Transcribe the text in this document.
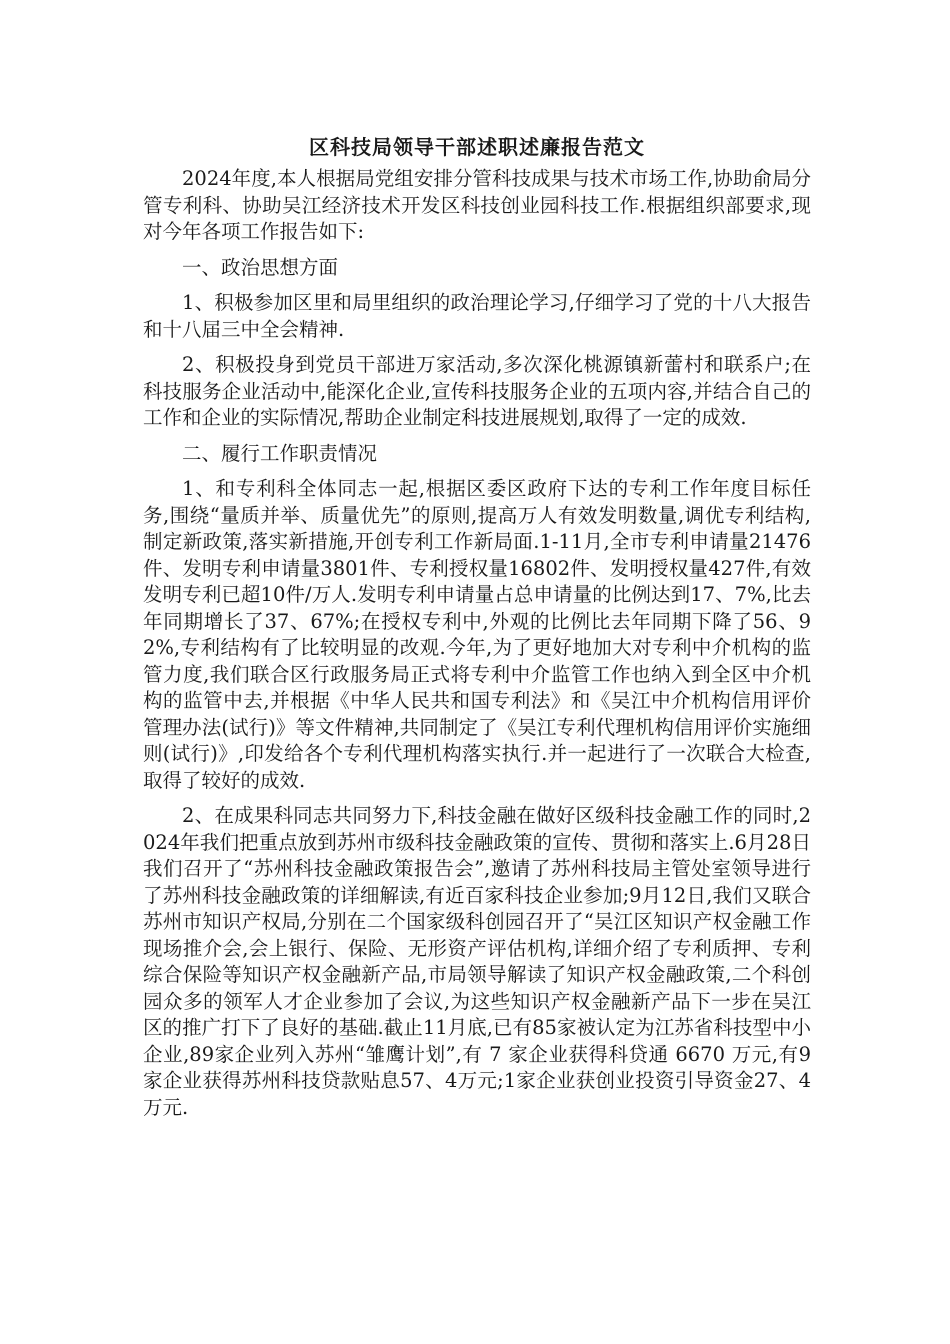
区科技局领导干部述职述廉报告范文

2024年度,本人根据局党组安排分管科技成果与技术市场工作,协助俞局分管专利科、协助吴江经济技术开发区科技创业园科技工作.根据组织部要求,现对今年各项工作报告如下:

一、政治思想方面

1、积极参加区里和局里组织的政治理论学习,仔细学习了党的十八大报告和十八届三中全会精神.

2、积极投身到党员干部进万家活动,多次深化桃源镇新蕾村和联系户;在科技服务企业活动中,能深化企业,宣传科技服务企业的五项内容,并结合自己的工作和企业的实际情况,帮助企业制定科技进展规划,取得了一定的成效.

二、履行工作职责情况

1、和专利科全体同志一起,根据区委区政府下达的专利工作年度目标任务,围绕“量质并举、质量优先”的原则,提高万人有效发明数量,调优专利结构,制定新政策,落实新措施,开创专利工作新局面.1-11月,全市专利申请量21476件、发明专利申请量3801件、专利授权量16802件、发明授权量427件,有效发明专利已超10件/万人.发明专利申请量占总申请量的比例达到17、7%,比去年同期增长了37、67%;在授权专利中,外观的比例比去年同期下降了56、92%,专利结构有了比较明显的改观.今年,为了更好地加大对专利中介机构的监管力度,我们联合区行政服务局正式将专利中介监管工作也纳入到全区中介机构的监管中去,并根据《中华人民共和国专利法》和《吴江中介机构信用评价管理办法(试行)》等文件精神,共同制定了《吴江专利代理机构信用评价实施细则(试行)》,印发给各个专利代理机构落实执行.并一起进行了一次联合大检查,取得了较好的成效.

2、在成果科同志共同努力下,科技金融在做好区级科技金融工作的同时,2024年我们把重点放到苏州市级科技金融政策的宣传、贯彻和落实上.6月28日我们召开了“苏州科技金融政策报告会”,邀请了苏州科技局主管处室领导进行了苏州科技金融政策的详细解读,有近百家科技企业参加;9月12日,我们又联合苏州市知识产权局,分别在二个国家级科创园召开了“吴江区知识产权金融工作现场推介会,会上银行、保险、无形资产评估机构,详细介绍了专利质押、专利综合保险等知识产权金融新产品,市局领导解读了知识产权金融政策,二个科创园众多的领军人才企业参加了会议,为这些知识产权金融新产品下一步在吴江区的推广打下了良好的基础.截止11月底,已有85家被认定为江苏省科技型中小企业,89家企业列入苏州“雏鹰计划”,有 7 家企业获得科贷通 6670 万元,有9家企业获得苏州科技贷款贴息57、4万元;1家企业获创业投资引导资金27、4万元.
